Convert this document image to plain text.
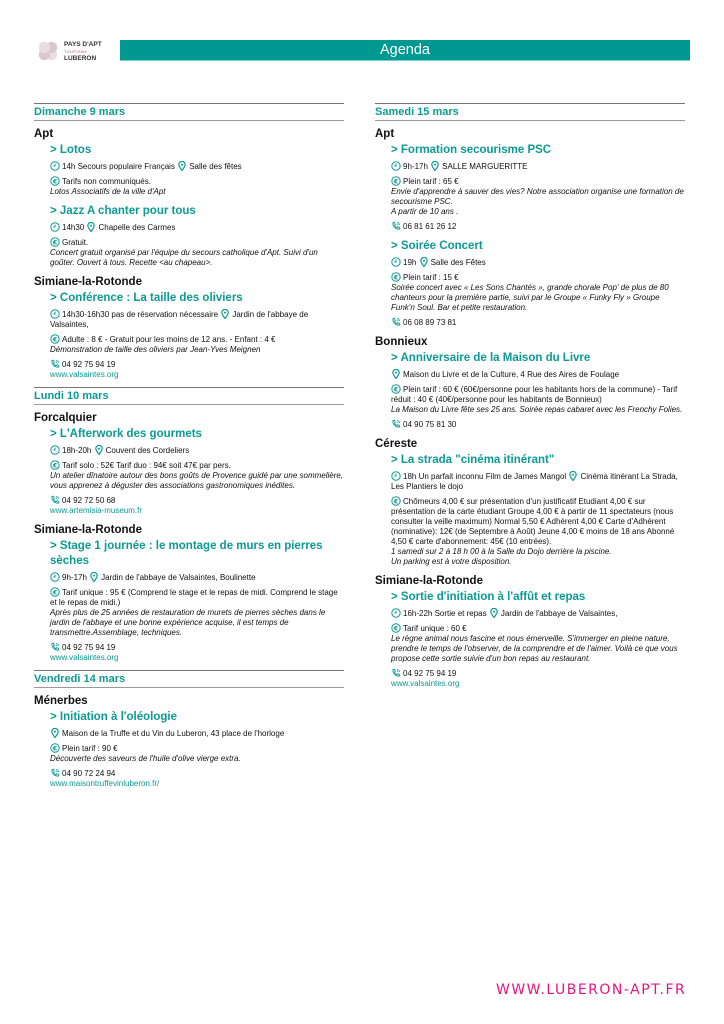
PAYS D'APT
TOURISME
LUBERON	Agenda
Dimanche 9 mars
Apt
> Lotos
14h Secours populaire Français Salle des fêtes
€ Tarifs non communiqués.
Lotos Associatifs de la ville d'Apt
> Jazz A chanter pour tous
14h30 Chapelle des Carmes
€ Gratuit.
Concert gratuit organisé par l'équipe du secours catholique d'Apt. Suivi d'un goûter. Ouvert à tous. Recette <au chapeau>.
Simiane-la-Rotonde
> Conférence : La taille des oliviers
14h30-16h30 pas de réservation nécessaire Jardin de l'abbaye de Valsaintes,
€ Adulte : 8 € - Gratuit pour les moins de 12 ans. - Enfant : 4 €
Démonstration de taille des oliviers par Jean-Yves Meignen
04 92 75 94 19
www.valsaintes.org
Lundi 10 mars
Forcalquier
> L'Afterwork des gourmets
18h-20h Couvent des Cordeliers
€ Tarif solo : 52€ Tarif duo : 94€ soit 47€ par pers.
Un atelier dînatoire autour des bons goûts de Provence guidé par une sommelière, vous apprenez à déguster des associations gastronomiques inédites.
04 92 72 50 68
www.artemisia-museum.fr
Simiane-la-Rotonde
> Stage 1 journée : le montage de murs en pierres sèches
9h-17h Jardin de l'abbaye de Valsaintes, Boulinette
€ Tarif unique : 95 € (Comprend le stage et le repas de midi. Comprend le stage et le repas de midi.)
Après plus de 25 années de restauration de murets de pierres sèches dans le jardin de l'abbaye et une bonne expérience acquise, il est temps de transmettre.Assemblage, techniques.
04 92 75 94 19
www.valsaintes.org
Vendredi 14 mars
Ménerbes
> Initiation à l'oléologie
Maison de la Truffe et du Vin du Luberon, 43 place de l'horloge
€ Plein tarif : 90 €
Découverte des saveurs de l'huile d'olive vierge extra.
04 90 72 24 94
www.maisontruffevinluberon.fr/
Samedi 15 mars
Apt
> Formation secourisme PSC
9h-17h SALLE MARGUERITTE
€ Plein tarif : 65 €
Envie d'apprendre à sauver des vies? Notre association organise une formation de secourisme PSC.
A partir de 10 ans .
06 81 61 26 12
> Soirée Concert
19h Salle des Fêtes
€ Plein tarif : 15 €
Soirée concert avec « Les Sons Chantés », grande chorale Pop' de plus de 80 chanteurs pour la première partie, suivi par le Groupe « Funky Fly » Groupe Funk'n Soul. Bar et petite restauration.
06 08 89 73 81
Bonnieux
> Anniversaire de la Maison du Livre
Maison du Livre et de la Culture, 4 Rue des Aires de Foulage
€ Plein tarif : 60 € (60€/personne pour les habitants hors de la commune) - Tarif réduit : 40 € (40€/personne pour les habitants de Bonnieux)
La Maison du Livre fête ses 25 ans. Soirée repas cabaret avec les Frenchy Folies.
04 90 75 81 30
Céreste
> La strada "cinéma itinérant"
18h Un parfait inconnu Film de James Mangol Cinéma itinérant La Strada, Les Plantiers le dojo
€ Chômeurs 4,00 € sur présentation d'un justificatif Etudiant 4,00 € sur présentation de la carte étudiant Groupe 4,00 € à partir de 11 spectateurs (nous consulter la veille maximum) Normal 5,50 € Adhérent 4,00 € Carte d'Adhérent (nominative): 12€ (de Septembre à Août) Jeune 4,00 € moins de 18 ans Abonné 4,50 € carte d'abonnement: 45€ (10 entrées).
1 samedi sur 2 à 18 h 00 à la Salle du Dojo derrière la piscine.
Un parking est à votre disposition.
Simiane-la-Rotonde
> Sortie d'initiation à l'affût et repas
16h-22h Sortie et repas Jardin de l'abbaye de Valsaintes,
€ Tarif unique : 60 €
Le règne animal nous fascine et nous émerveille. S'immerger en pleine nature, prendre le temps de l'observer, de la comprendre et de l'aimer. Voilà ce que vous propose cette sortie suivie d'un bon repas au restaurant.
04 92 75 94 19
www.valsaintes.org
WWW.LUBERON-APT.FR
